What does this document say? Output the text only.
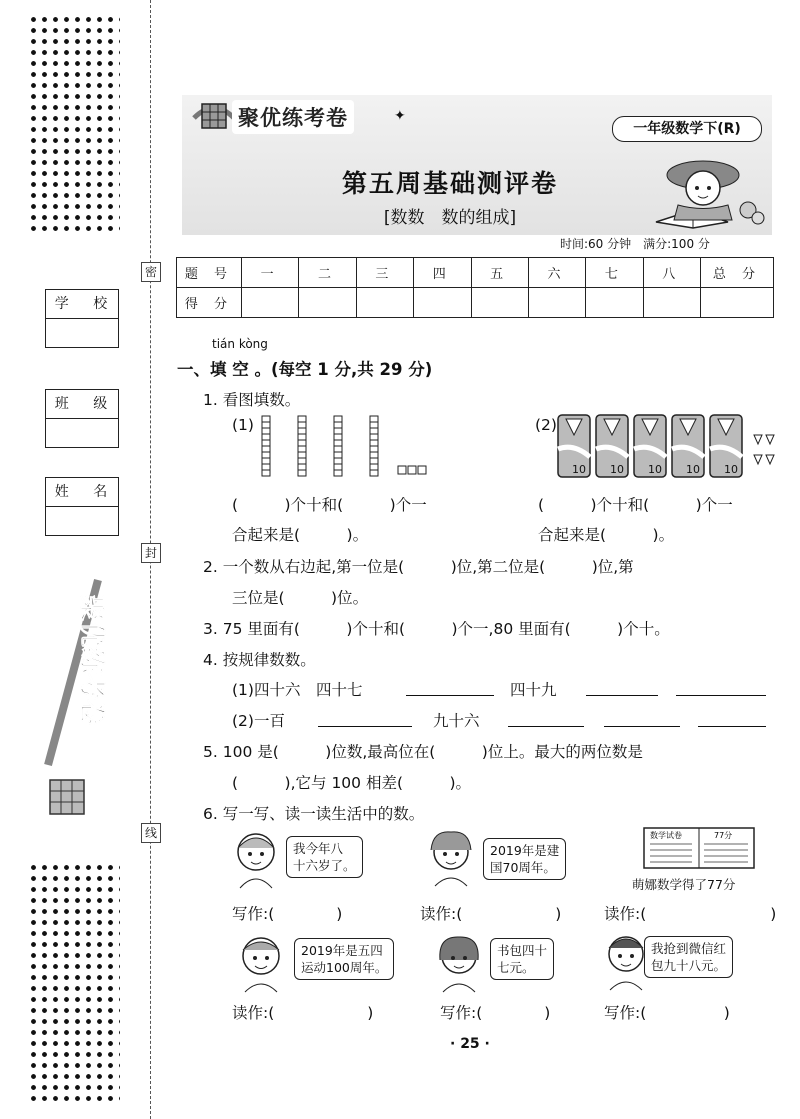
密
封
线
学 校
班 级
姓 名
聚优练考卷
聚优练考卷	✦
一年级数学下(R)
第五周基础测评卷
[数数　数的组成]
时间:60 分钟　满分:100 分
题 号	一	二	三	四	五	六	七	八	总 分
得 分									
tián kòng
一、填 空 。(每空 1 分,共 29 分)
1. 看图填数。
(1)	(2)
10 10 10 10 10
(　　　)个十和(　　　)个一	(　　　)个十和(　　　)个一
合起来是(　　　)。	合起来是(　　　)。
2. 一个数从右边起,第一位是(　　　)位,第二位是(　　　)位,第
三位是(　　　)位。
3. 75 里面有(　　　)个十和(　　　)个一,80 里面有(　　　)个十。
4. 按规律数数。
(1)四十六　四十七	四十九
(2)一百	九十六
5. 100 是(　　　)位数,最高位在(　　　)位上。最大的两位数是
(　　　),它与 100 相差(　　　)。
6. 写一写、读一读生活中的数。
我今年八
十六岁了。
2019年是建
国70周年。
数学试卷	77分
萌娜数学得了77分
写作:(　　　　)	读作:(　　　　　　)	读作:(　　　　　　　　)
2019年是五四
运动100周年。
书包四十
七元。
我抢到微信红
包九十八元。
读作:(　　　　　　)	写作:(　　　　)	写作:(　　　　　)
· 25 ·
